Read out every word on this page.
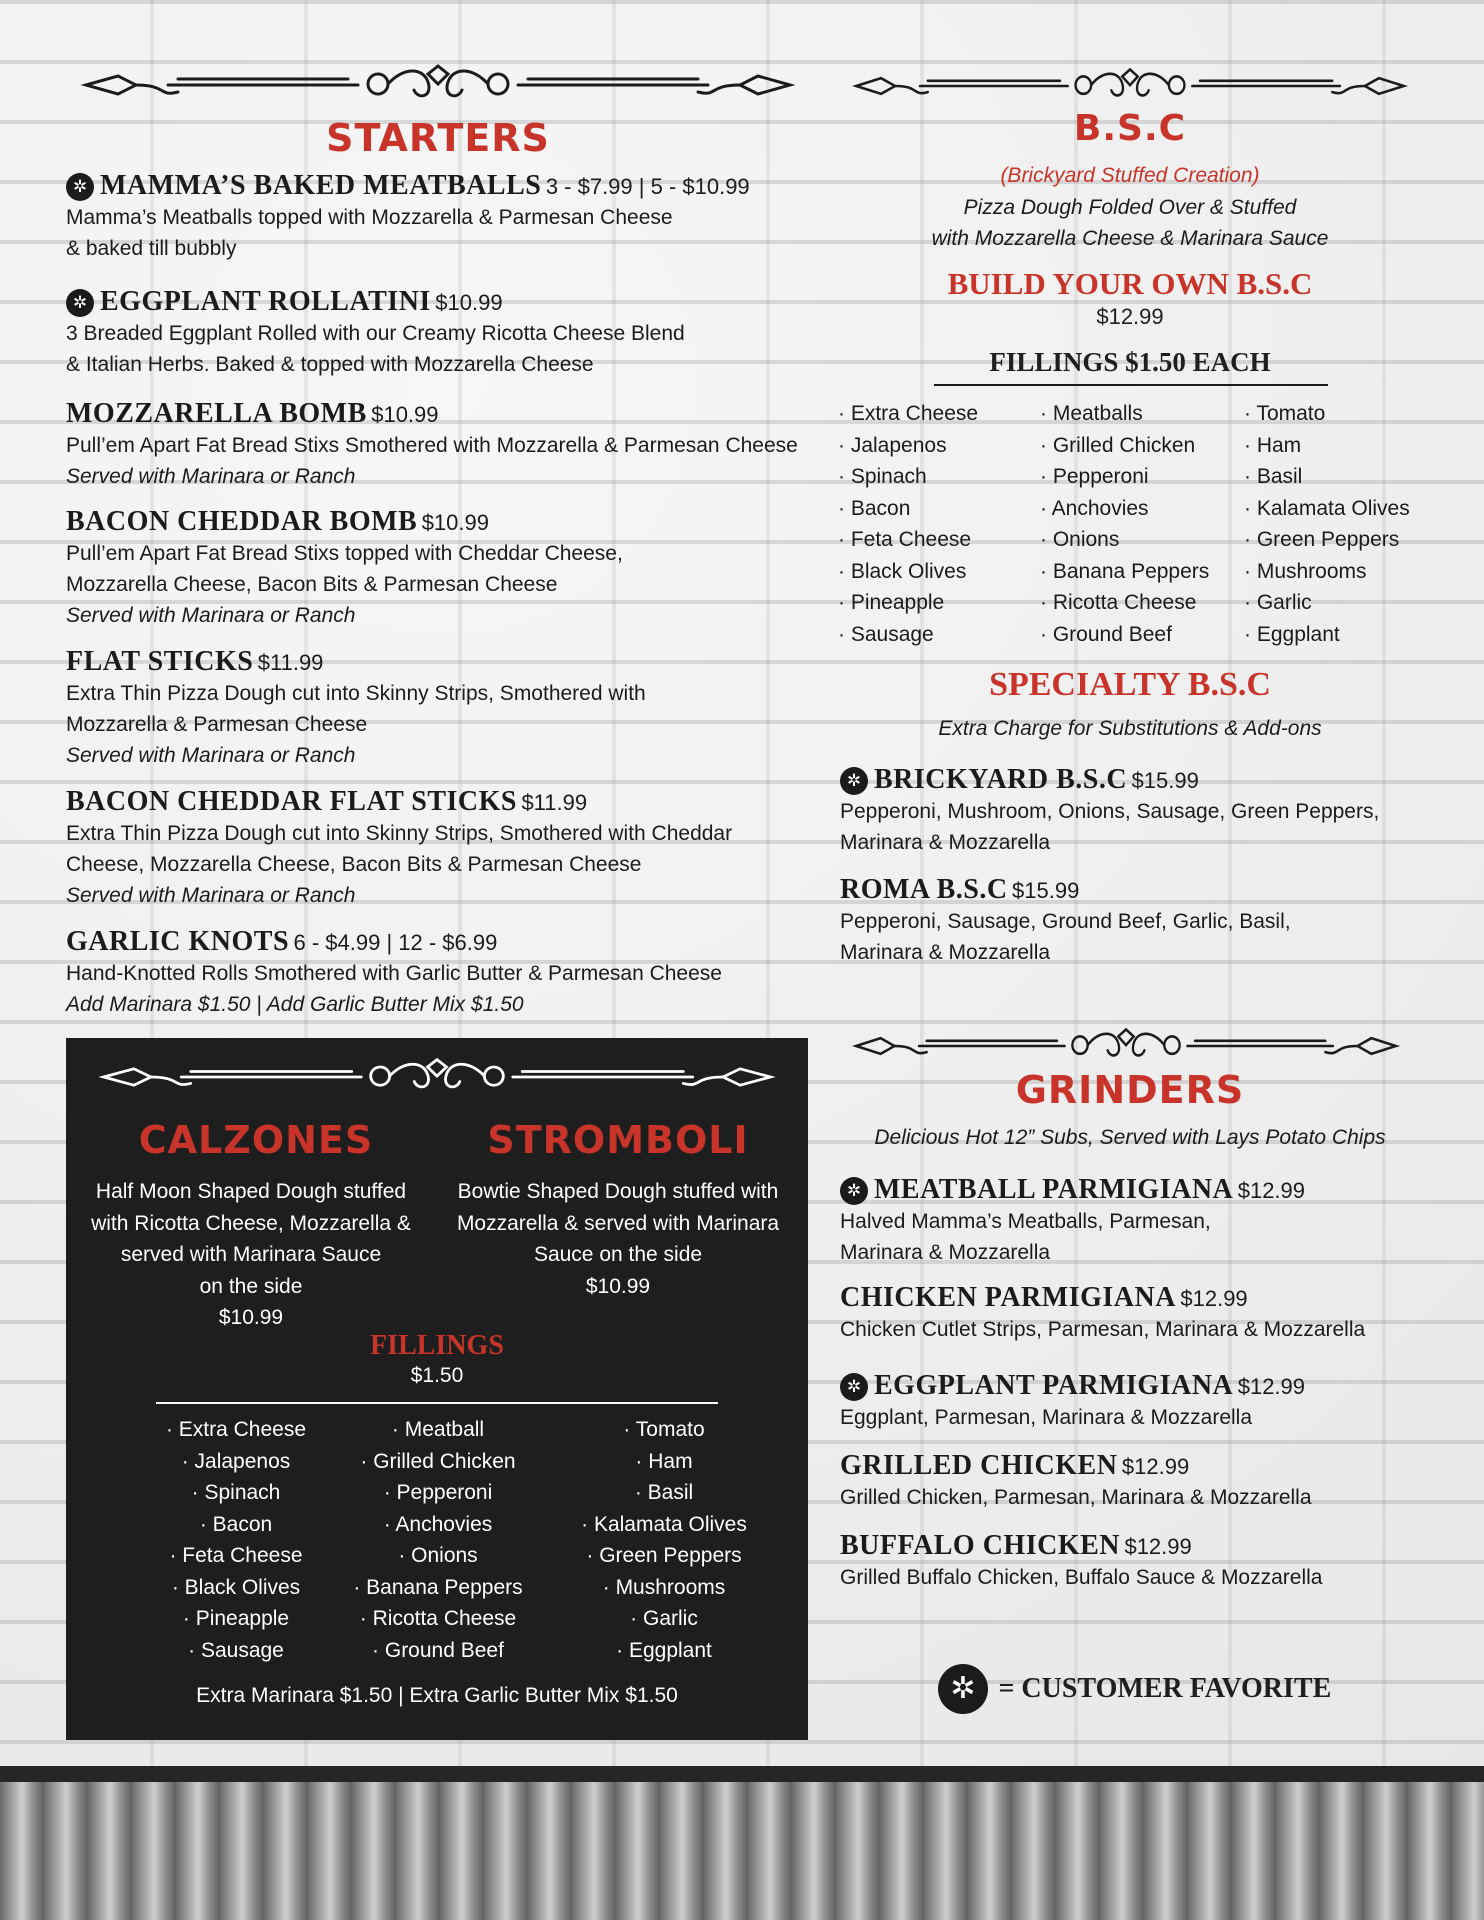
STARTERS
✲ MAMMA’S BAKED MEATBALLS 3 - $7.99 | 5 - $10.99
Mamma’s Meatballs topped with Mozzarella & Parmesan Cheese
& baked till bubbly
✲ EGGPLANT ROLLATINI $10.99
3 Breaded Eggplant Rolled with our Creamy Ricotta Cheese Blend
& Italian Herbs. Baked & topped with Mozzarella Cheese
MOZZARELLA BOMB $10.99
Pull’em Apart Fat Bread Stixs Smothered with Mozzarella & Parmesan Cheese
Served with Marinara or Ranch
BACON CHEDDAR BOMB $10.99
Pull’em Apart Fat Bread Stixs topped with Cheddar Cheese,
Mozzarella Cheese, Bacon Bits & Parmesan Cheese
Served with Marinara or Ranch
FLAT STICKS $11.99
Extra Thin Pizza Dough cut into Skinny Strips, Smothered with
Mozzarella & Parmesan Cheese
Served with Marinara or Ranch
BACON CHEDDAR FLAT STICKS $11.99
Extra Thin Pizza Dough cut into Skinny Strips, Smothered with Cheddar
Cheese, Mozzarella Cheese, Bacon Bits & Parmesan Cheese
Served with Marinara or Ranch
GARLIC KNOTS 6 - $4.99 | 12 - $6.99
Hand-Knotted Rolls Smothered with Garlic Butter & Parmesan Cheese
Add Marinara $1.50 | Add Garlic Butter Mix $1.50
B.S.C
(Brickyard Stuffed Creation)
Pizza Dough Folded Over & Stuffed
with Mozzarella Cheese & Marinara Sauce
BUILD YOUR OWN B.S.C
$12.99
FILLINGS $1.50 EACH
· Extra Cheese
· Jalapenos
· Spinach
· Bacon
· Feta Cheese
· Black Olives
· Pineapple
· Sausage
· Meatballs
· Grilled Chicken
· Pepperoni
· Anchovies
· Onions
· Banana Peppers
· Ricotta Cheese
· Ground Beef
· Tomato
· Ham
· Basil
· Kalamata Olives
· Green Peppers
· Mushrooms
· Garlic
· Eggplant
SPECIALTY B.S.C
Extra Charge for Substitutions & Add-ons
✲ BRICKYARD B.S.C $15.99
Pepperoni, Mushroom, Onions, Sausage, Green Peppers,
Marinara & Mozzarella
ROMA B.S.C $15.99
Pepperoni, Sausage, Ground Beef, Garlic, Basil,
Marinara & Mozzarella
CALZONES	STROMBOLI
Half Moon Shaped Dough stuffed
with Ricotta Cheese, Mozzarella &
served with Marinara Sauce
on the side
$10.99
Bowtie Shaped Dough stuffed with
Mozzarella & served with Marinara
Sauce on the side
$10.99
FILLINGS
$1.50
· Extra Cheese
· Jalapenos
· Spinach
· Bacon
· Feta Cheese
· Black Olives
· Pineapple
· Sausage
· Meatball
· Grilled Chicken
· Pepperoni
· Anchovies
· Onions
· Banana Peppers
· Ricotta Cheese
· Ground Beef
· Tomato
· Ham
· Basil
· Kalamata Olives
· Green Peppers
· Mushrooms
· Garlic
· Eggplant
Extra Marinara $1.50 | Extra Garlic Butter Mix $1.50
GRINDERS
Delicious Hot 12” Subs, Served with Lays Potato Chips
✲ MEATBALL PARMIGIANA $12.99
Halved Mamma’s Meatballs, Parmesan,
Marinara & Mozzarella
CHICKEN PARMIGIANA $12.99
Chicken Cutlet Strips, Parmesan, Marinara & Mozzarella
✲ EGGPLANT PARMIGIANA $12.99
Eggplant, Parmesan, Marinara & Mozzarella
GRILLED CHICKEN $12.99
Grilled Chicken, Parmesan, Marinara & Mozzarella
BUFFALO CHICKEN $12.99
Grilled Buffalo Chicken, Buffalo Sauce & Mozzarella
✲ = CUSTOMER FAVORITE
